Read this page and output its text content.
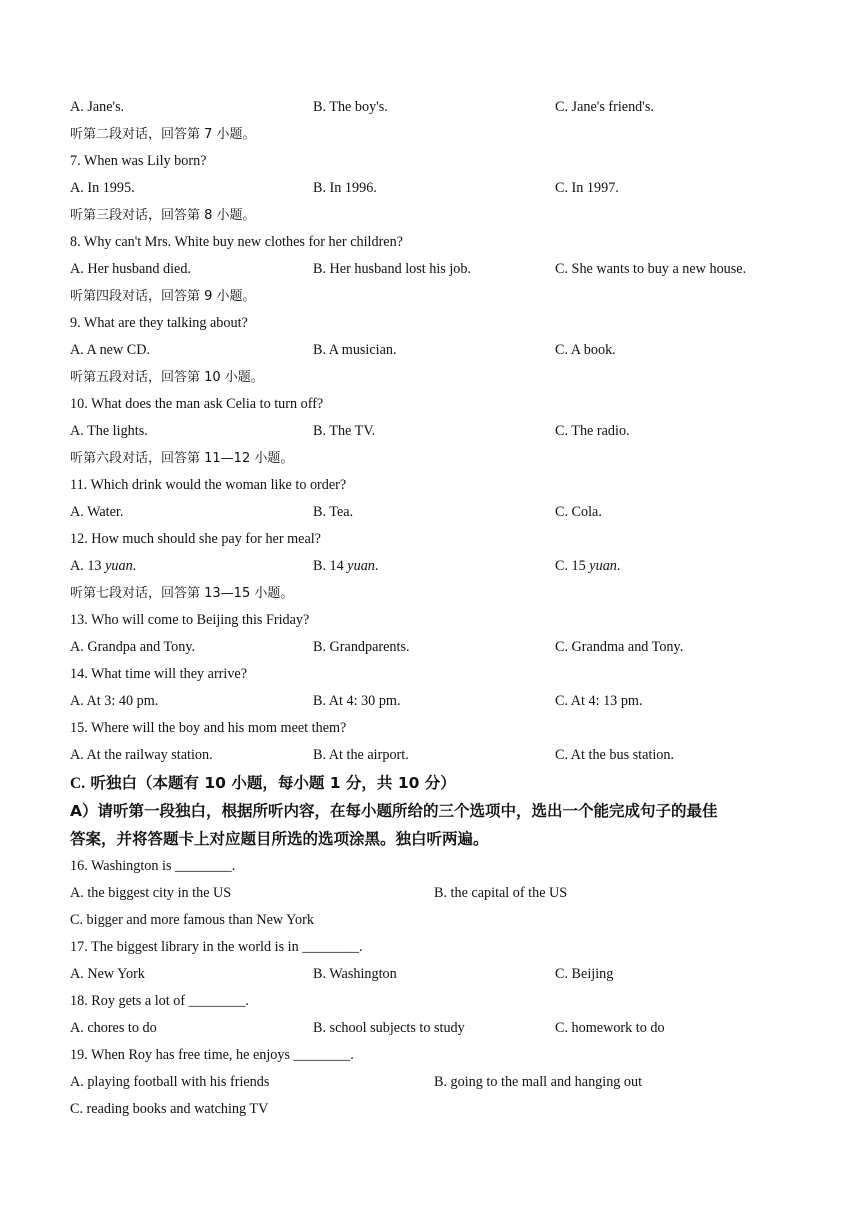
A. Jane's.	B. The boy's.	C. Jane's friend's.
听第二段对话，回答第 7 小题。
7. When was Lily born?
A. In 1995.	B. In 1996.	C. In 1997.
听第三段对话，回答第 8 小题。
8. Why can't Mrs. White buy new clothes for her children?
A. Her husband died.	B. Her husband lost his job.	C. She wants to buy a new house.
听第四段对话，回答第 9 小题。
9. What are they talking about?
A. A new CD.	B. A musician.	C. A book.
听第五段对话，回答第 10 小题。
10. What does the man ask Celia to turn off?
A. The lights.	B. The TV.	C. The radio.
听第六段对话，回答第 11—12 小题。
11. Which drink would the woman like to order?
A. Water.	B. Tea.	C. Cola.
12. How much should she pay for her meal?
A. 13 yuan.	B. 14 yuan.	C. 15 yuan.
听第七段对话，回答第 13—15 小题。
13. Who will come to Beijing this Friday?
A. Grandpa and Tony.	B. Grandparents.	C. Grandma and Tony.
14. What time will they arrive?
A. At 3: 40 pm.	B. At 4: 30 pm.	C. At 4: 13 pm.
15. Where will the boy and his mom meet them?
A. At the railway station.	B. At the airport.	C. At the bus station.
C. 听独白（本题有 10 小题，每小题 1 分，共 10 分）
A）请听第一段独白，根据所听内容，在每小题所给的三个选项中，选出一个能完成句子的最佳
答案，并将答题卡上对应题目所选的选项涂黑。独白听两遍。
16. Washington is ________.
A. the biggest city in the US	B. the capital of the US
C. bigger and more famous than New York
17. The biggest library in the world is in ________.
A. New York	B. Washington	C. Beijing
18. Roy gets a lot of ________.
A. chores to do	B. school subjects to study	C. homework to do
19. When Roy has free time, he enjoys ________.
A. playing football with his friends	B. going to the mall and hanging out
C. reading books and watching TV
